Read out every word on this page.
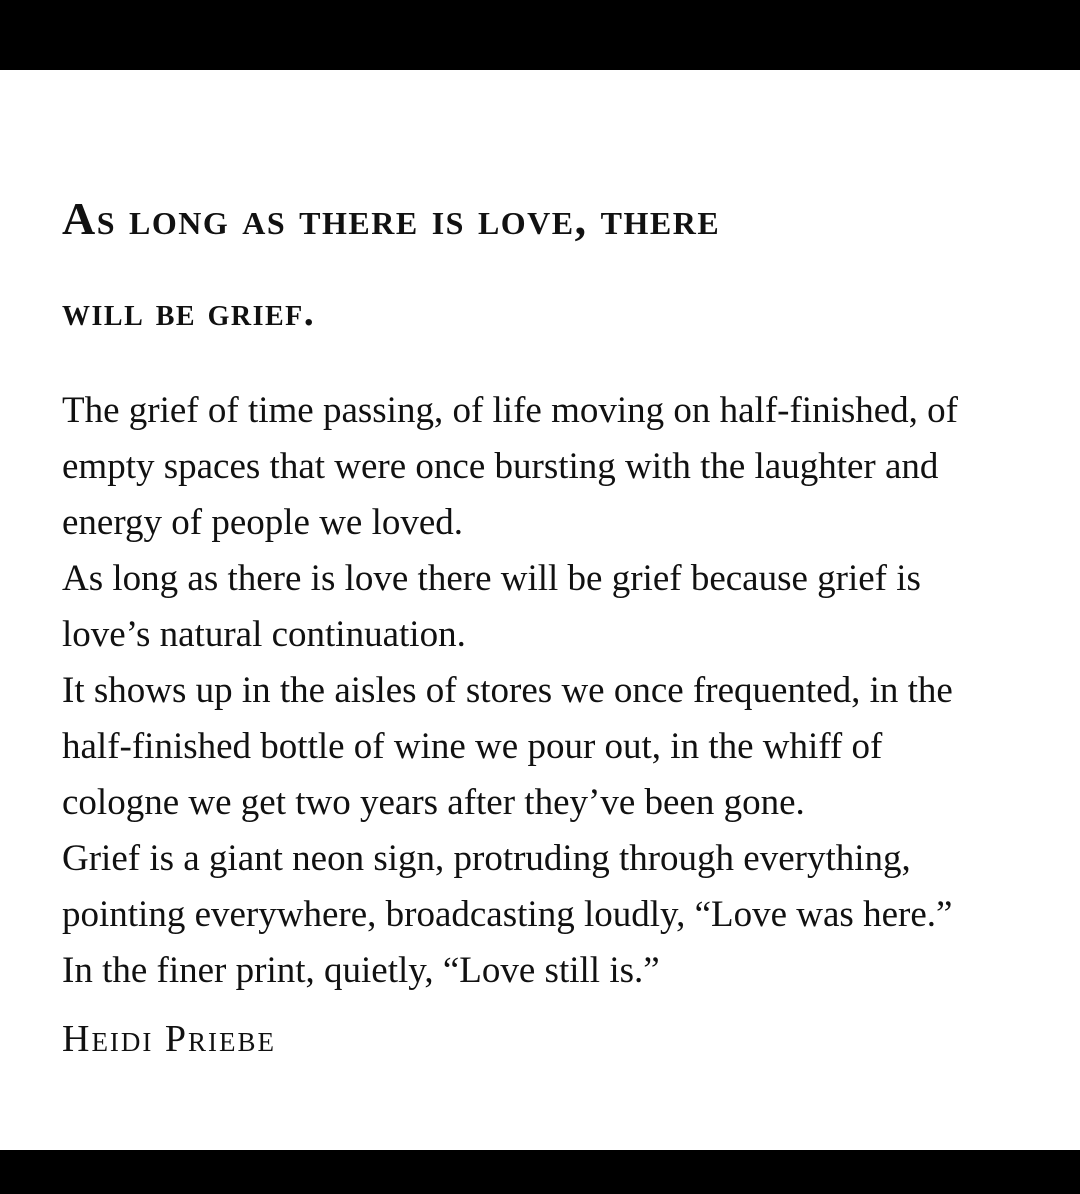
As long as there is love, there
will be grief.

The grief of time passing, of life moving on half-finished, of

empty spaces that were once bursting with the laughter and

energy of people we loved.

As long as there is love there will be grief because grief is

love’s natural continuation.

It shows up in the aisles of stores we once frequented, in the

half-finished bottle of wine we pour out, in the whiff of

cologne we get two years after they’ve been gone.

Grief is a giant neon sign, protruding through everything,

pointing everywhere, broadcasting loudly, “Love was here.”

In the finer print, quietly, “Love still is.”

Heidi Priebe
